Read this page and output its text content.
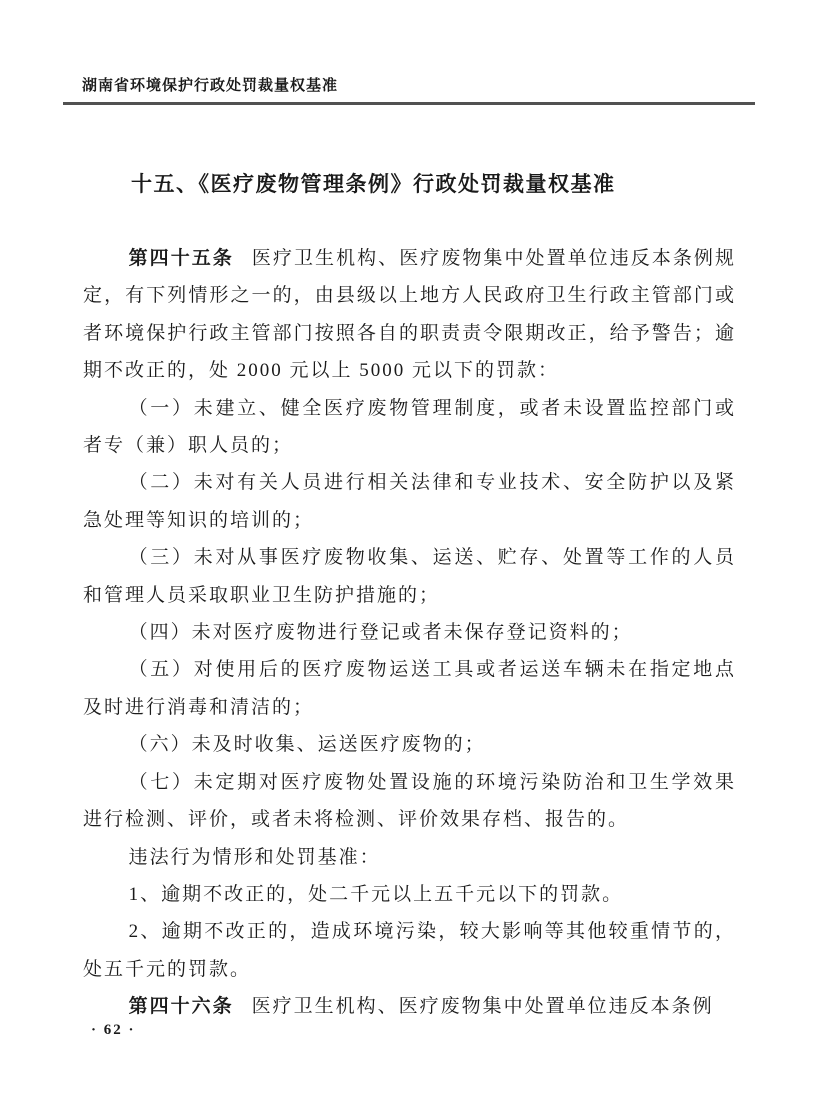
湖南省环境保护行政处罚裁量权基准
十五、《医疗废物管理条例》行政处罚裁量权基准

第四十五条 医疗卫生机构、医疗废物集中处置单位违反本条例规定，有下列情形之一的，由县级以上地方人民政府卫生行政主管部门或者环境保护行政主管部门按照各自的职责责令限期改正，给予警告；逾期不改正的，处 2000 元以上 5000 元以下的罚款：

（一）未建立、健全医疗废物管理制度，或者未设置监控部门或者专（兼）职人员的；

（二）未对有关人员进行相关法律和专业技术、安全防护以及紧急处理等知识的培训的；

（三）未对从事医疗废物收集、运送、贮存、处置等工作的人员和管理人员采取职业卫生防护措施的；

（四）未对医疗废物进行登记或者未保存登记资料的；

（五）对使用后的医疗废物运送工具或者运送车辆未在指定地点及时进行消毒和清洁的；

（六）未及时收集、运送医疗废物的；

（七）未定期对医疗废物处置设施的环境污染防治和卫生学效果进行检测、评价，或者未将检测、评价效果存档、报告的。

违法行为情形和处罚基准：

1、逾期不改正的，处二千元以上五千元以下的罚款。

2、逾期不改正的，造成环境污染，较大影响等其他较重情节的，处五千元的罚款。

第四十六条 医疗卫生机构、医疗废物集中处置单位违反本条例

· 62 ·
